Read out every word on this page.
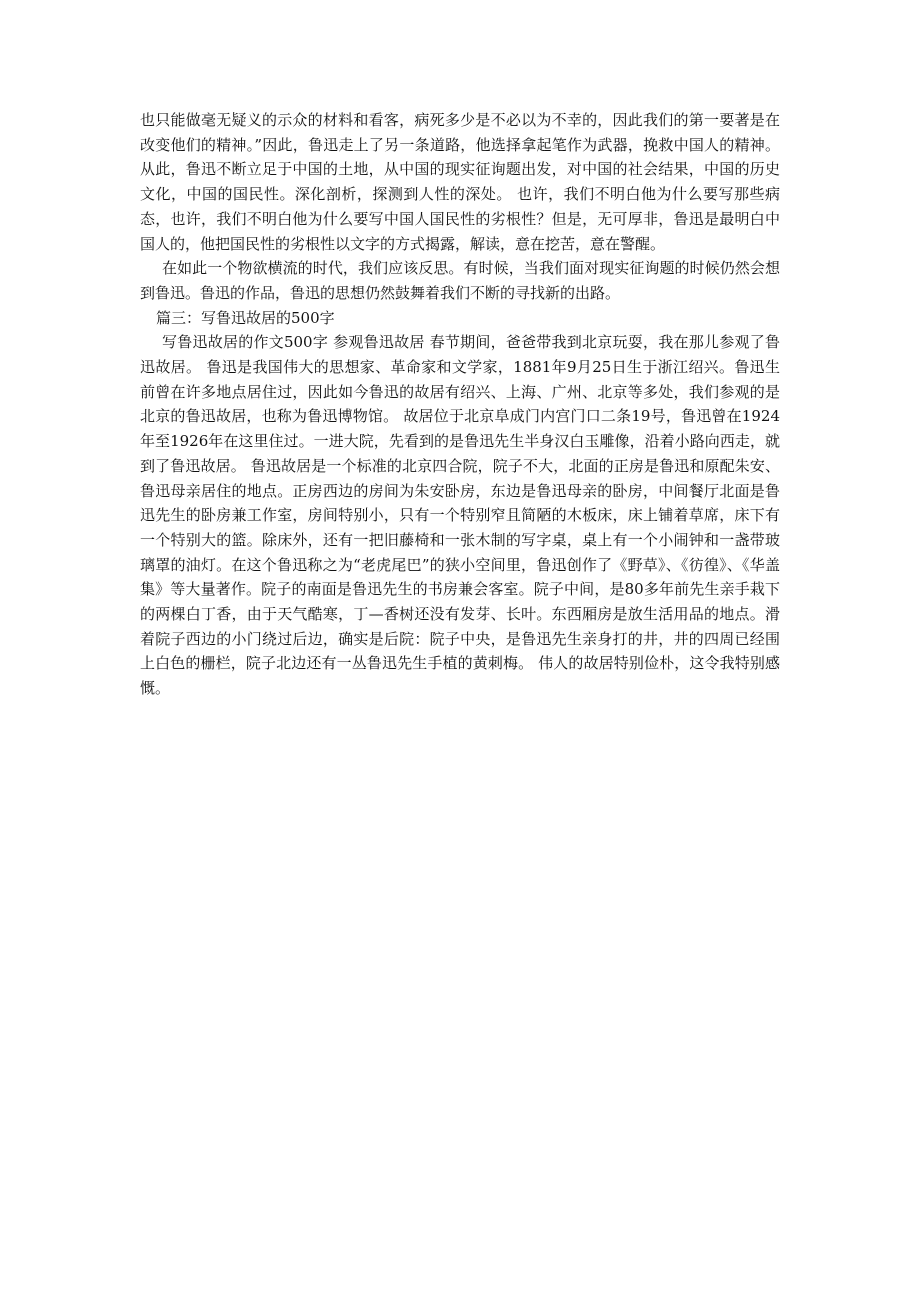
也只能做毫无疑义的示众的材料和看客，病死多少是不必以为不幸的，因此我们的第一要著是在改变他们的精神。”因此，鲁迅走上了另一条道路，他选择拿起笔作为武器，挽救中国人的精神。从此，鲁迅不断立足于中国的土地，从中国的现实征询题出发，对中国的社会结果，中国的历史文化，中国的国民性。深化剖析，探测到人性的深处。 也许，我们不明白他为什么要写那些病态，也许，我们不明白他为什么要写中国人国民性的劣根性？但是，无可厚非，鲁迅是最明白中国人的，他把国民性的劣根性以文字的方式揭露，解读，意在挖苦，意在警醒。

在如此一个物欲横流的时代，我们应该反思。有时候，当我们面对现实征询题的时候仍然会想到鲁迅。鲁迅的作品，鲁迅的思想仍然鼓舞着我们不断的寻找新的出路。

篇三：写鲁迅故居的500字

写鲁迅故居的作文500字 参观鲁迅故居 春节期间，爸爸带我到北京玩耍，我在那儿参观了鲁迅故居。 鲁迅是我国伟大的思想家、革命家和文学家，1881年9月25日生于浙江绍兴。鲁迅生前曾在许多地点居住过，因此如今鲁迅的故居有绍兴、上海、广州、北京等多处，我们参观的是北京的鲁迅故居，也称为鲁迅博物馆。 故居位于北京阜成门内宫门口二条19号，鲁迅曾在1924年至1926年在这里住过。一进大院，先看到的是鲁迅先生半身汉白玉雕像，沿着小路向西走，就到了鲁迅故居。 鲁迅故居是一个标准的北京四合院，院子不大，北面的正房是鲁迅和原配朱安、鲁迅母亲居住的地点。正房西边的房间为朱安卧房，东边是鲁迅母亲的卧房，中间餐厅北面是鲁迅先生的卧房兼工作室，房间特别小，只有一个特别窄且简陋的木板床，床上铺着草席，床下有一个特别大的篮。除床外，还有一把旧藤椅和一张木制的写字桌，桌上有一个小闹钟和一盏带玻璃罩的油灯。在这个鲁迅称之为“老虎尾巴”的狭小空间里，鲁迅创作了《野草》、《彷徨》、《华盖集》等大量著作。院子的南面是鲁迅先生的书房兼会客室。院子中间，是80多年前先生亲手栽下的两棵白丁香，由于天气酷寒，丁—香树还没有发芽、长叶。东西厢房是放生活用品的地点。滑着院子西边的小门绕过后边，确实是后院：院子中央，是鲁迅先生亲身打的井，井的四周已经围上白色的栅栏，院子北边还有一丛鲁迅先生手植的黄刺梅。 伟人的故居特别俭朴，这令我特别感慨。
